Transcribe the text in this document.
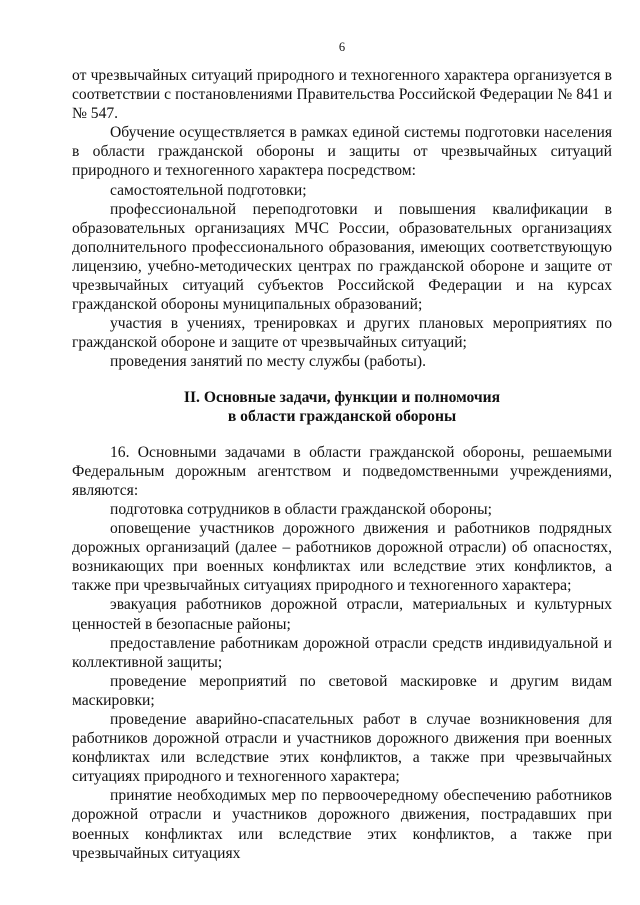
6

от чрезвычайных ситуаций природного и техногенного характера организуется в соответствии с постановлениями Правительства Российской Федерации № 841 и № 547.

Обучение осуществляется в рамках единой системы подготовки населения в области гражданской обороны и защиты от чрезвычайных ситуаций природного и техногенного характера посредством:

самостоятельной подготовки;

профессиональной переподготовки и повышения квалификации в образовательных организациях МЧС России, образовательных организациях дополнительного профессионального образования, имеющих соответствующую лицензию, учебно-методических центрах по гражданской обороне и защите от чрезвычайных ситуаций субъектов Российской Федерации и на курсах гражданской обороны муниципальных образований;

участия в учениях, тренировках и других плановых мероприятиях по гражданской обороне и защите от чрезвычайных ситуаций;

проведения занятий по месту службы (работы).

II. Основные задачи, функции и полномочия
в области гражданской обороны

16. Основными задачами в области гражданской обороны, решаемыми Федеральным дорожным агентством и подведомственными учреждениями, являются:

подготовка сотрудников в области гражданской обороны;

оповещение участников дорожного движения и работников подрядных дорожных организаций (далее – работников дорожной отрасли) об опасностях, возникающих при военных конфликтах или вследствие этих конфликтов, а также при чрезвычайных ситуациях природного и техногенного характера;

эвакуация работников дорожной отрасли, материальных и культурных ценностей в безопасные районы;

предоставление работникам дорожной отрасли средств индивидуальной и коллективной защиты;

проведение мероприятий по световой маскировке и другим видам маскировки;

проведение аварийно-спасательных работ в случае возникновения для работников дорожной отрасли и участников дорожного движения при военных конфликтах или вследствие этих конфликтов, а также при чрезвычайных ситуациях природного и техногенного характера;

принятие необходимых мер по первоочередному обеспечению работников дорожной отрасли и участников дорожного движения, пострадавших при военных конфликтах или вследствие этих конфликтов, а также при чрезвычайных ситуациях
